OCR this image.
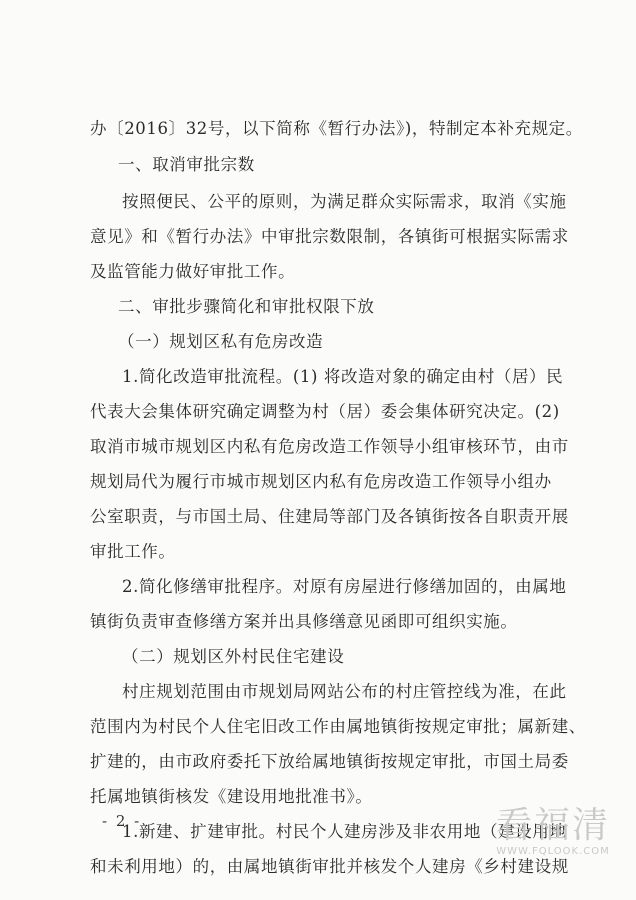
办〔2016〕32号，以下简称《暂行办法》)，特制定本补充规定。
一、取消审批宗数
按照便民、公平的原则，为满足群众实际需求，取消《实施
意见》和《暂行办法》中审批宗数限制，各镇街可根据实际需求
及监管能力做好审批工作。
二、审批步骤简化和审批权限下放
（一）规划区私有危房改造
1.简化改造审批流程。(1) 将改造对象的确定由村（居）民
代表大会集体研究确定调整为村（居）委会集体研究决定。(2)
取消市城市规划区内私有危房改造工作领导小组审核环节，由市
规划局代为履行市城市规划区内私有危房改造工作领导小组办
公室职责，与市国土局、住建局等部门及各镇街按各自职责开展
审批工作。
2.简化修缮审批程序。对原有房屋进行修缮加固的，由属地
镇街负责审查修缮方案并出具修缮意见函即可组织实施。
（二）规划区外村民住宅建设
村庄规划范围由市规划局网站公布的村庄管控线为准，在此
范围内为村民个人住宅旧改工作由属地镇街按规定审批；属新建、
扩建的，由市政府委托下放给属地镇街按规定审批，市国土局委
托属地镇街核发《建设用地批准书》。
1.新建、扩建审批。村民个人建房涉及非农用地（建设用地
和未利用地）的，由属地镇街审批并核发个人建房《乡村建设规
- 2 -	看福清
WWW.FQLOOK.COM
